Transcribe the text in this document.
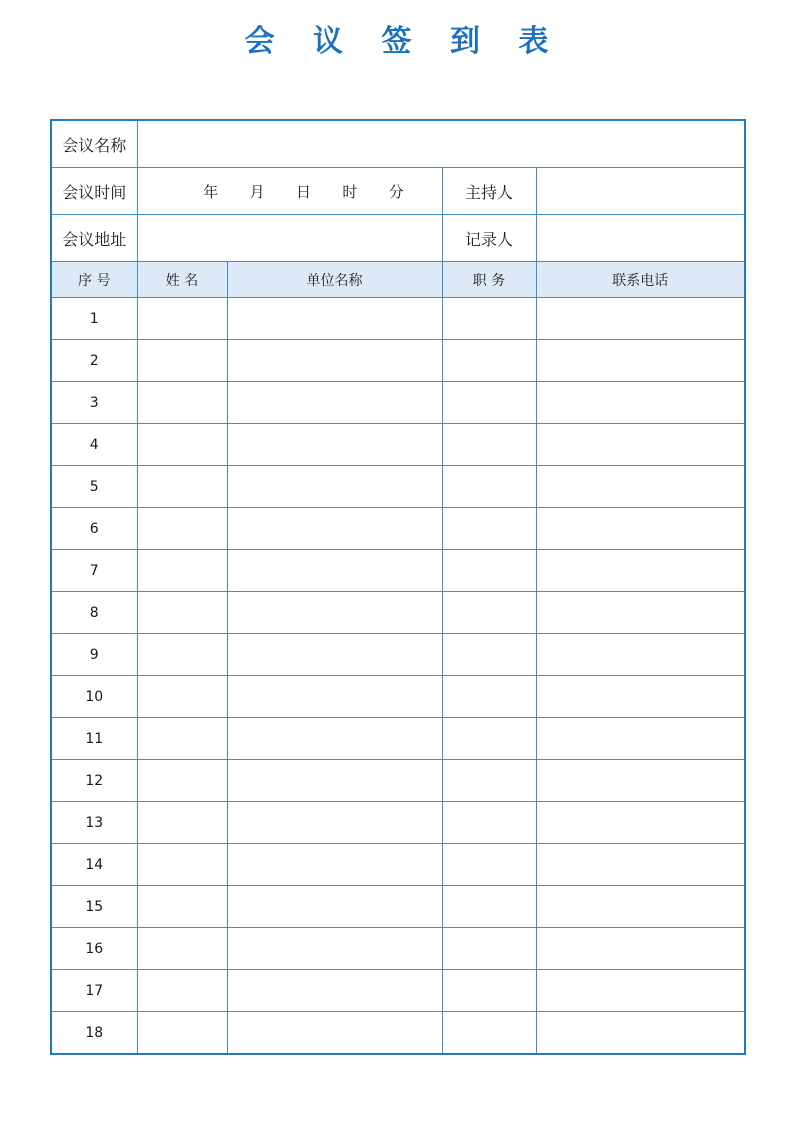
会 议 签 到 表
会议名称				
会议时间	年 月 日 时 分		主持人	
会议地址			记录人	
序 号	姓 名	单位名称	职 务	联系电话
1				
2				
3				
4				
5				
6				
7				
8				
9				
10				
11				
12				
13				
14				
15				
16				
17				
18				
